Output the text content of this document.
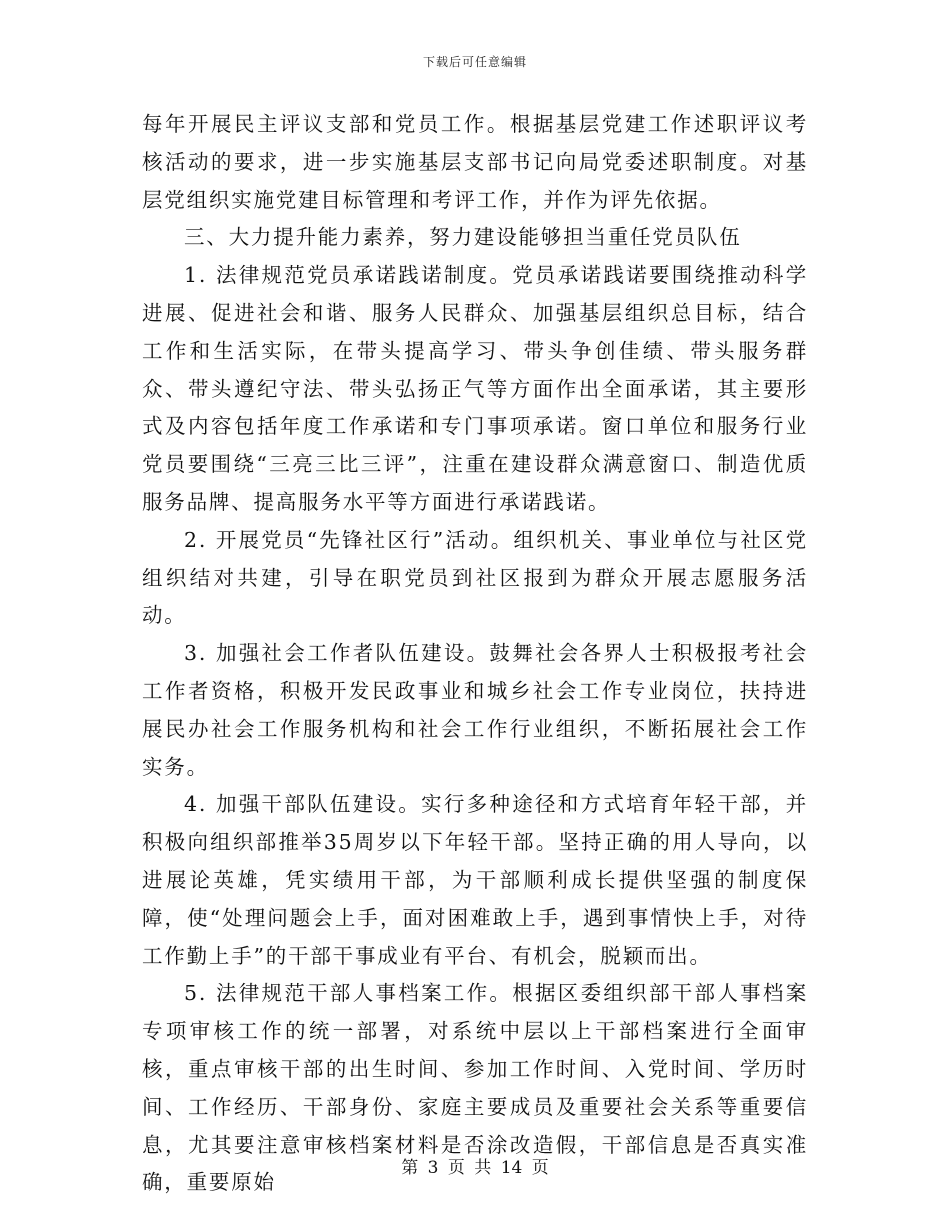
下载后可任意编辑

每年开展民主评议支部和党员工作。根据基层党建工作述职评议考核活动的要求，进一步实施基层支部书记向局党委述职制度。对基层党组织实施党建目标管理和考评工作，并作为评先依据。

三、大力提升能力素养，努力建设能够担当重任党员队伍

1. 法律规范党员承诺践诺制度。党员承诺践诺要围绕推动科学进展、促进社会和谐、服务人民群众、加强基层组织总目标，结合工作和生活实际，在带头提高学习、带头争创佳绩、带头服务群众、带头遵纪守法、带头弘扬正气等方面作出全面承诺，其主要形式及内容包括年度工作承诺和专门事项承诺。窗口单位和服务行业党员要围绕“三亮三比三评”，注重在建设群众满意窗口、制造优质服务品牌、提高服务水平等方面进行承诺践诺。

2. 开展党员“先锋社区行”活动。组织机关、事业单位与社区党组织结对共建，引导在职党员到社区报到为群众开展志愿服务活动。

3. 加强社会工作者队伍建设。鼓舞社会各界人士积极报考社会工作者资格，积极开发民政事业和城乡社会工作专业岗位，扶持进展民办社会工作服务机构和社会工作行业组织，不断拓展社会工作实务。

4. 加强干部队伍建设。实行多种途径和方式培育年轻干部，并积极向组织部推举35周岁以下年轻干部。坚持正确的用人导向，以进展论英雄，凭实绩用干部，为干部顺利成长提供坚强的制度保障，使“处理问题会上手，面对困难敢上手，遇到事情快上手，对待工作勤上手”的干部干事成业有平台、有机会，脱颖而出。

5. 法律规范干部人事档案工作。根据区委组织部干部人事档案专项审核工作的统一部署，对系统中层以上干部档案进行全面审核，重点审核干部的出生时间、参加工作时间、入党时间、学历时间、工作经历、干部身份、家庭主要成员及重要社会关系等重要信息，尤其要注意审核档案材料是否涂改造假，干部信息是否真实准确，重要原始

第 3 页 共 14 页
